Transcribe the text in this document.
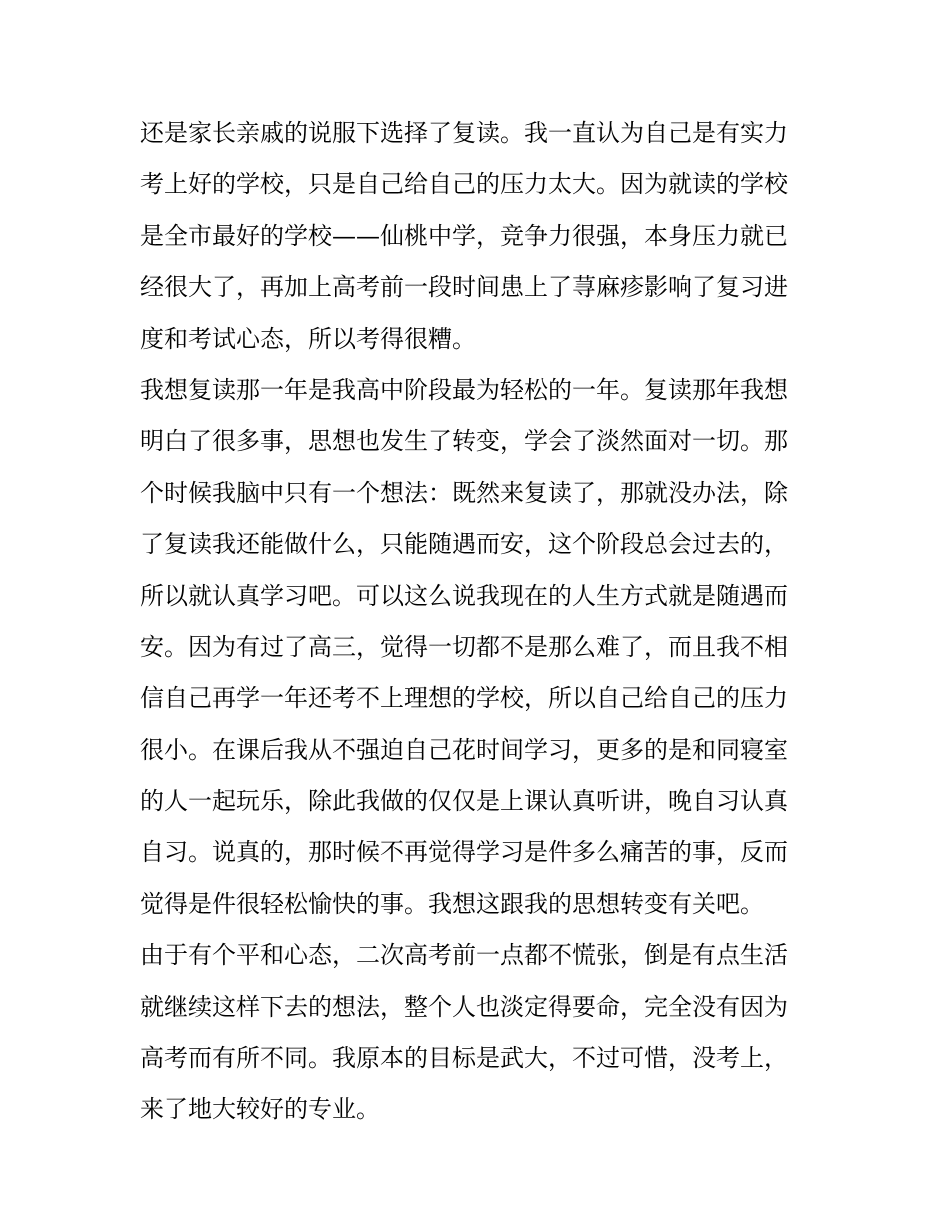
还是家长亲戚的说服下选择了复读。我一直认为自己是有实力
考上好的学校，只是自己给自己的压力太大。因为就读的学校
是全市最好的学校——仙桃中学，竞争力很强，本身压力就已
经很大了，再加上高考前一段时间患上了荨麻疹影响了复习进
度和考试心态，所以考得很糟。
我想复读那一年是我高中阶段最为轻松的一年。复读那年我想
明白了很多事，思想也发生了转变，学会了淡然面对一切。那
个时候我脑中只有一个想法：既然来复读了，那就没办法，除
了复读我还能做什么，只能随遇而安，这个阶段总会过去的，
所以就认真学习吧。可以这么说我现在的人生方式就是随遇而
安。因为有过了高三，觉得一切都不是那么难了，而且我不相
信自己再学一年还考不上理想的学校，所以自己给自己的压力
很小。在课后我从不强迫自己花时间学习，更多的是和同寝室
的人一起玩乐，除此我做的仅仅是上课认真听讲，晚自习认真
自习。说真的，那时候不再觉得学习是件多么痛苦的事，反而
觉得是件很轻松愉快的事。我想这跟我的思想转变有关吧。
由于有个平和心态，二次高考前一点都不慌张，倒是有点生活
就继续这样下去的想法，整个人也淡定得要命，完全没有因为
高考而有所不同。我原本的目标是武大，不过可惜，没考上，
来了地大较好的专业。
